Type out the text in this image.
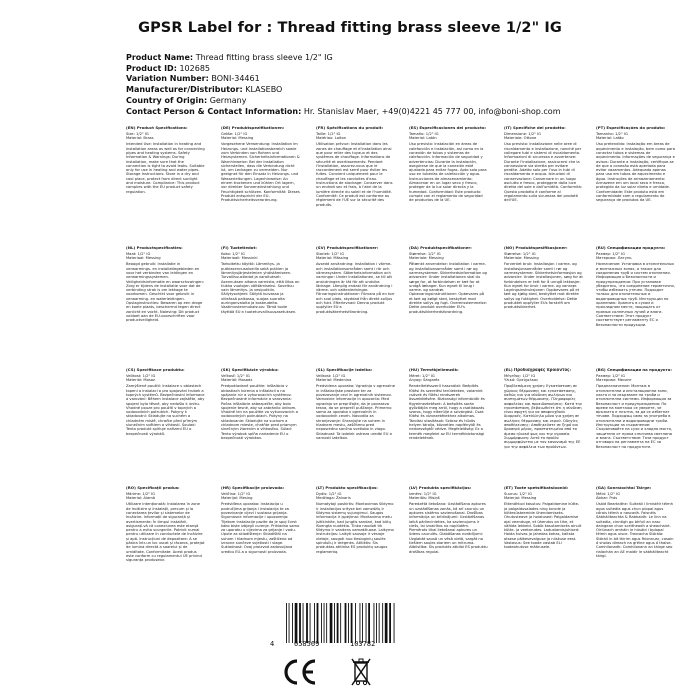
GPSR Label for : Thread fitting brass sleeve 1/2" IG
Product Name: Thread fitting brass sleeve 1/2" IG
Product ID: 102685
Variation Number: BONI-34461
Manufacturer/Distributor: KLASEBO
Country of Origin: Germany
Contact Person & Contact Information: Hr. Stanislav Maer, +49(0)4221 45 777 00, info@boni-shop.com
(EN) Product Specifications:
Size: 1/2" IG
Material: Brass
Intended Use: Installation in heating and installation areas as well as for connecting pipes and heating systems. Safety Information & Warnings: During installation, make sure that the connection is tight to avoid leaks. Suitable only for use in heating and water pipes. Storage Instructions: Store in a dry and cool place, protect from direct sunlight and moisture. Compliance: This product complies with the EU product safety regulation.
(DE) Produktspezifikationen:
Größe: 1/2" IG
Material: Messing
Vorgesehene Verwendung: Installation im Heizungs- und Installationsbereich sowie zum Verbinden von Rohren und Heizsystemen. Sicherheitsinformationen & Warnhinweise: Bei der Installation sicherstellen, dass die Verbindung dicht ist, um Leckagen zu vermeiden. Nur geeignet für den Einsatz in Heizungs- und Wasserleitungen. Lagerhinweise: An einem trockenen und kühlen Ort lagern, vor direkter Sonneneinstrahlung und Feuchtigkeit schützen. Konformität: Dieses Produkt entspricht der EU-Produktsicherheitsverordnung.
(FR) Spécifications du produit:
Taille: 1/2" IG
Matériau: Laiton
Utilisation prévue: Installation dans les zones de chauffage et d'installation ainsi que pour relier des tuyaux et des systèmes de chauffage. Informations de sécurité et avertissements: Pendant l'installation, assurez-vous que le raccordement est serré pour éviter les fuites. Convient uniquement pour le chauffage et les conduites d'eau. Instructions de stockage: Conserver dans un endroit sec et frais, à l'abri de la lumière directe du soleil et de l'humidité. Conformité: Ce produit est conforme au règlement de l'UE sur la sécurité des produits.
(ES) Especificaciones del producto:
Tamaño: 1/2" IG
Material: Latón
Uso previsto: Instalación en áreas de calefacción e instalación, así como en la conexión de tubos y sistemas de calefacción. Información de seguridad y advertencias: Durante la instalación, asegúrese de que la conexión esté ajustada para evitar fugas. Apto solo para uso en tuberías de calefacción y agua. Instrucciones de almacenamiento: Almacenar en un lugar seco y fresco, proteger de la luz solar directa y la humedad. Conformidad: Este producto cumple con el reglamento de seguridad de productos de la UE.
(IT) Specifiche del prodotto:
Dimensione: 1/2" IG
Materiale: Ottone
Uso previsto: Installazione nelle aree di riscaldamento e installazione, nonché per collegare tubi e sistemi di riscaldamento. Informazioni di sicurezza e avvertenze: Durante l'installazione, assicurarsi che la connessione sia stretta per evitare perdite. Adatto solo per l'uso in tubi di riscaldamento e acqua. Istruzioni di conservazione: Conservare in un luogo asciutto e fresco, proteggere dalla luce diretta del sole e dall'umidità. Conformità: Questo prodotto è conforme al regolamento sulla sicurezza dei prodotti dell'UE.
(PT) Especificações do produto:
Tamanho: 1/2" IG
Material: Latão
Uso pretendido: Instalação em áreas de aquecimento e instalação, bem como para conectar tubos e sistemas de aquecimento. Informações de segurança e avisos: Durante a instalação, certifique-se de que a conexão está apertada para evitar vazamentos. Adequado apenas para uso em tubos de aquecimento e água. Instruções de armazenamento: Armazene em um local seco e fresco, protegido da luz solar direta e umidade. Conformidade: Este produto está em conformidade com o regulamento de segurança de produtos da UE.
(NL) Productspecificaties:
Maat: 1/2" IG
Materiaal: Messing
Beoogd gebruik: Installatie in verwarmings- en installatiegebieden en voor het verbinden van leidingen en verwarmingssystemen. Veiligheidsinformatie en waarschuwingen: Zorg er tijdens de installatie voor dat de verbinding strak is om lekkage te voorkomen. Geschikt voor gebruik in verwarming- en waterleidingen. Opslaginstructies: Bewaren op een droge en koele plaats, beschermd tegen direct zonlicht en vocht. Naleving: Dit product voldoet aan de EU-voorschriften voor productveiligheid.
(FI) Tuotetiedot:
Koko: 1/2" IG
Materiaali: Messinki
Tarkoitettu käyttö: Lämmitys- ja putkiasennusalueilla sekä putkien ja lämmitysjärjestelmien yhdistämiseen. Turvallisuustiedot ja varoitukset: Asennuksen aikana varmista, että liitos on tiukka vuotojen välttämiseksi. Soveltuu vain lämmitys- ja vesiputkiin. Säilytysohjeet: Säilytä kuivassa ja viileässä paikassa, suojaa suoralta auringonvalolta ja kosteudelta. Vaatimustenmukaisuus: Tämä tuote täyttää EU:n tuoteturvallisuusasetuksen.
(SV) Produktspecifikationer:
Storlek: 1/2" IG
Material: Mässing
Avsedd användning: Installation i värme- och installationsområden samt i rör och värmesystem. Säkerhetsinformation och varningar: Under installationen, se till att anslutningen är tät för att undvika läckage. Lämplig endast för användning i värme- och vattenledningar. Förvaringsinstruktioner: Förvara på en torr och sval plats, skyddad från direkt solljus och fukt. Efterlevnad: Denna produkt uppfyller EU:s produktsäkerhetsförordning.
(DA) Produktspecifikationer:
Størrelse: 1/2" IG
Materiale: Messing
Påtænkt anvendelse: Installation i varme- og installationsområder samt i rør og varmesystemer. Sikkerhedsinformation og advarsler: Under installationen skal du sørge for, at forbindelsen er tæt for at undgå lækager. Kun egnet til brug i varme- og vandrør. Opbevaringsinstruktioner: Opbevares på et tørt og køligt sted, beskyttet mod direkte sollys og fugt. Overensstemmelse: Dette produkt overholder EU's produktsikkerhedsforordning.
(NO) Produktspesifikasjoner:
Størrelse: 1/2" IG
Materiale: Messing
Forventet bruk: Installasjon i varme- og installasjonsområder samt i rør og varmesystemer. Sikkerhetsinformasjon og advarsler: Under installasjonen, sørg for at forbindelsen er tett for å unngå lekkasjer. Kun egnet for bruk i varme- og vannrør. Lagringsinstruksjoner: Oppbevares på et tørt og kjølig sted, beskyttet mot direkte sollys og fuktighet. Overholdelse: Dette produktet oppfyller EUs forskrift om produktsikkerhet.
(RU) Спецификации продукта:
Размер: 1/2" IG
Материал: Латунь
Назначение: Установка в отопительных и монтажных зонах, а также для соединения труб и систем отопления. Информация о безопасности и предупреждения: При установке убедитесь, что соединение герметично, чтобы избежать утечек. Подходит только для отопительных и водопроводных труб. Инструкции по хранению: Хранить в сухом и прохладном месте, защищать от прямых солнечных лучей и влаги. Соответствие: Этот продукт соответствует регламенту ЕС о безопасности продукции.
(CS) Specifikace produktu:
Velikost: 1/2" IG
Materiál: Mosaz
Zamýšlené použití: Instalace v oblastech topení a instalací a pro spojování trubek a topných systémů. Bezpečnostní informace a varování: Během instalace zajistěte, aby spojení bylo těsné, aby nedošlo k úniku. Vhodné pouze pro použití v topných a vodovodních potrubích. Pokyny k skladování: Skladujte na suchém a chladném místě, chraňte před přímým slunečním světlem a vlhkostí. Soulad: Tento produkt splňuje nařízení EU o bezpečnosti výrobků.
(SK) Špecifikácie výrobku:
Veľkosť: 1/2" IG
Materiál: Mosadz
Predpokladané použitie: Inštalácia v oblastiach kúrenia a inštalácií a na spájanie rúr a vykurovacích systémov. Bezpečnostné informácie a varovania: Počas inštalácie zabezpečte, aby bolo spojenie tesné, aby sa zabránilo únikom. Vhodné len na použitie vo vykurovacích a vodovodných potrubiach. Pokyny na skladovanie: Skladujte na suchom a chladnom mieste, chráňte pred priamym slnečným žiarením a vlhkosťou. Súlad: Tento výrobok spĺňa nariadenie EÚ o bezpečnosti výrobkov.
(SL) Specifikacije izdelka:
Velikost: 1/2" IG
Material: Medenina
Predvidena uporaba: Vgradnja v ogrevalne in inštalacijske prostore ter za povezovanje cevi in ogrevalnih sistemov. Varnostne informacije in opozorila: Med vgradnjo se prepričajte, da je povezava tesna, da se prepreči puščanje. Primerno samo za uporabo v ogrevalnih in vodovodnih ceveh. Navodila za shranjevanje: Shranjujte na suhem in hladnem mestu, zaščiteno pred neposredno sončno svetlobo in vlago. Skladnost: Ta izdelek ustreza uredbi EU o varnosti izdelkov.
(HU) Termékjellemzők:
Méret: 1/2" IG
Anyag: Sárgaréz
Rendeltetésszerű használat: Beépítés fűtési és szerelési területeken, valamint csövek és fűtési rendszerek összekötésére. Biztonsági információk és figyelmeztetések: A beépítés során győződjön meg arról, hogy a csatlakozás szoros, hogy elkerülje a szivárgást. Csak fűtési és vízvezetékekhez alkalmas. Tárolási utasítások: Száraz és hűvös helyen tárolja, közvetlen napfénytől és nedvességtől védve. Megfelelőség: Ez a termék megfelel az EU termékbiztonsági rendeletének.
(EL) Προδιαγραφές προϊόντος:
Μέγεθος: 1/2" IG
Υλικό: Ορείχαλκος
Προβλεπόμενη χρήση: Εγκατάσταση σε χώρους θέρμανσης και εγκατάστασης, καθώς και για σύνδεση σωλήνων και συστημάτων θέρμανσης. Πληροφορίες ασφαλείας και προειδοποιήσεις: Κατά την εγκατάσταση, βεβαιωθείτε ότι η σύνδεση είναι σφιχτή για να αποφευχθούν διαρροές. Κατάλληλο μόνο για χρήση σε σωλήνες θέρμανσης και νερού. Οδηγίες αποθήκευσης: Αποθηκεύστε σε ξηρό και δροσερό μέρος, προστατευμένο από το άμεσο ηλιακό φως και την υγρασία. Συμμόρφωση: Αυτό το προϊόν συμμορφώνεται με τον κανονισμό της ΕΕ για την ασφάλεια των προϊόντων.
(BG) Спецификации на продукта:
Размер: 1/2" IG
Материал: Месинг
Предназначение: Монтаж в отоплителни и инсталационни зони, както и за свързване на тръби и отоплителни системи. Информация за безопасност и предупреждения: По време на монтажа се уверете, че връзката е плътна, за да се избегнат течове. Подходящ само за употреба в отоплителни и водопроводни тръби. Инструкции за съхранение: Съхранявайте на сухо и хладно място, защитено от пряка слънчева светлина и влага. Съответствие: Този продукт отговаря на регламента на ЕС за безопасност на продуктите.
(RO) Specificații produs:
Mărime: 1/2" IG
Material: Alamă
Utilizare intenționată: Instalarea în zone de încălzire și instalații, precum și la conectarea țevilor și sistemelor de încălzire. Informații de siguranță și avertismente: În timpul instalării, asigurați-vă că conexiunea este etanșă pentru a evita scurgerile. Potrivit numai pentru utilizare în conductele de încălzire și apă. Instrucțiuni de depozitare: A se păstra într-un loc uscat și răcoros, protejat de lumina directă a soarelui și de umiditate. Conformitate: Acest produs este conform cu regulamentul UE privind siguranța produselor.
(HR) Specifikacije proizvoda:
Veličina: 1/2" IG
Materijal: Mesing
Predviđena uporaba: Instalacija u područjima grijanja i instalacija te za povezivanje cijevi i sustava grijanja. Sigurnosne informacije i upozorenja: Tijekom instalacije pazite da je spoj čvrst kako biste izbjegli curenje. Prikladno samo za uporabu u cijevima za grijanje i vodu. Upute za skladištenje: Skladištiti na suhom i hladnom mjestu, zaštićeno od izravne sunčeve svjetlosti i vlage. Sukladnost: Ovaj proizvod zadovoljava uredbu EU-a o sigurnosti proizvoda.
(LT) Produkto specifikacijos:
Dydis: 1/2" IG
Medžiaga: Žalvaris
Numatytoji paskirtis: Montavimas šildymo ir instaliacijos srityse bei vamzdžių ir šildymo sistemų sujungimui. Saugos informacija ir įspėjimai: Montavimo metu įsitikinkite, kad jungtis sandari, kad būtų išvengta nuotėkio. Tinka naudoti tik šildymo ir vandens vamzdžiuose. Laikymo instrukcijos: Laikyti sausoje ir vėsioje vietoje, saugoti nuo tiesioginių saulės spindulių ir drėgmės. Atitiktis: Šis produktas atitinka ES produktų saugos reglamentą.
(LV) Produkta specifikācijas:
Izmērs: 1/2" IG
Materiāls: Misiņš
Paredzētā lietošana: Uzstādīšana apkures un uzstādīšanas zonās, kā arī cauruļu un apkures sistēmu savienošanai. Drošības informācija un brīdinājumi: Uzstādīšanas laikā pārliecinieties, ka savienojums ir ciešs, lai izvairītos no noplūdēm. Piemērots tikai lietošanai apkures un ūdens caurulēs. Glabāšanas norādījumi: Uzglabāt sausā un vēsā vietā, sargāt no tiešiem saules stariem un mitruma. Atbilstība: Šis produkts atbilst ES produktu drošības regulai.
(ET) Toote spetsifikatsioonid:
Suurus: 1/2" IG
Materjal: Messing
Ettenähtud kasutus: Paigaldamine kütte- ja paigaldusalades ning torude ja küttesüsteemide ühendamiseks. Ohutusteave ja hoiatused: Paigaldamise ajal veenduge, et ühendus on tihe, et vältida lekkeid. Sobib kasutamiseks ainult kütte- ja veetorudes. Ladustamisjuhised: Hoida kuivas ja jahedas kohas, kaitsta otsese päikesevalguse ja niiskuse eest. Vastavus: See toode vastab ELi tooteohutuse määrusele.
(GA) Sonraíochtaí Táirge:
Méid: 1/2" IG
Ábhar: Prás
Úsáid Beartaithe: Suiteáil i limistéir téimh agus suiteála agus chun píopaí agus córais téimh a nascadh. Faisnéis Sábháilteachta & Rabhaidh: Le linn na suiteála, cinntigh go bhfuil an nasc daingean chun sceitheadh a sheachaint. Oiriúnach amháin le húsáid i bpíopaí téimh agus uisce. Treoracha Stórála: Stóráil in áit thirim agus fhionnuar, cosain ó sholas díreach na gréine agus ó thaise. Comhlíonadh: Comhlíonann an táirge seo rialachán an AE maidir le sábháilteacht táirgí.
4	058569	103782
